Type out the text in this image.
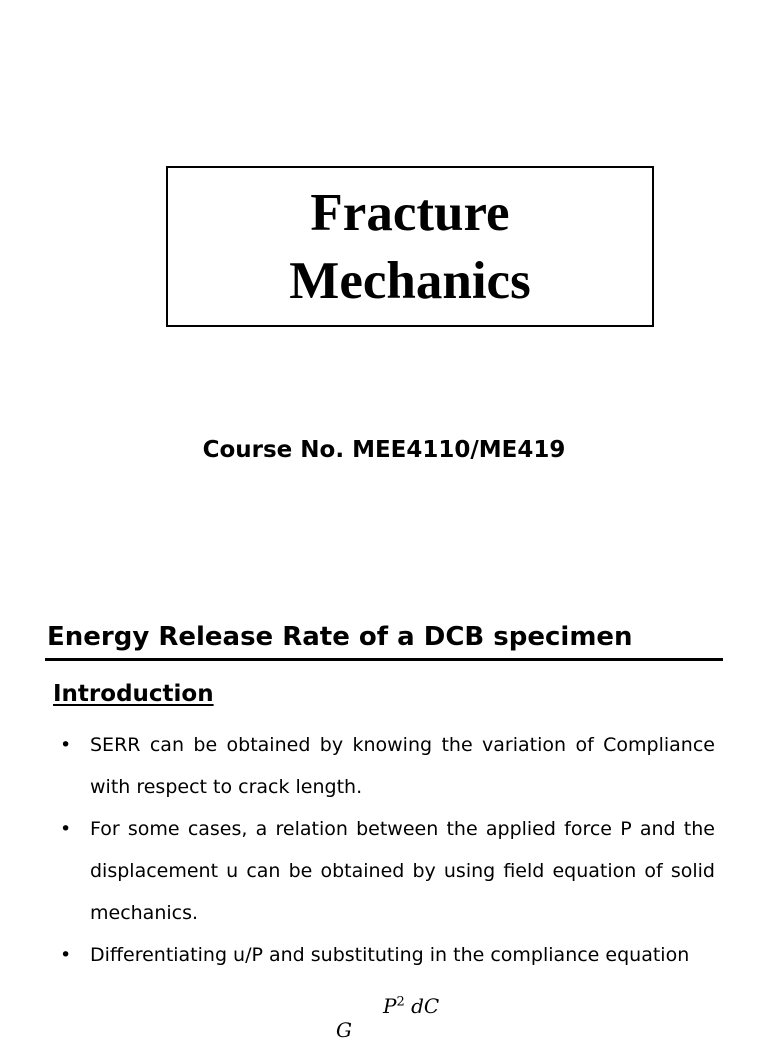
Fracture
Mechanics
Course No. MEE4110/ME419
Energy Release Rate of a DCB specimen
Introduction
• SERR can be obtained by knowing the variation of Compliance with respect to crack length.
• For some cases, a relation between the applied force P and the displacement u can be obtained by using field equation of solid mechanics.
• Differentiating u/P and substituting in the compliance equation
$P^2$ dC
G
